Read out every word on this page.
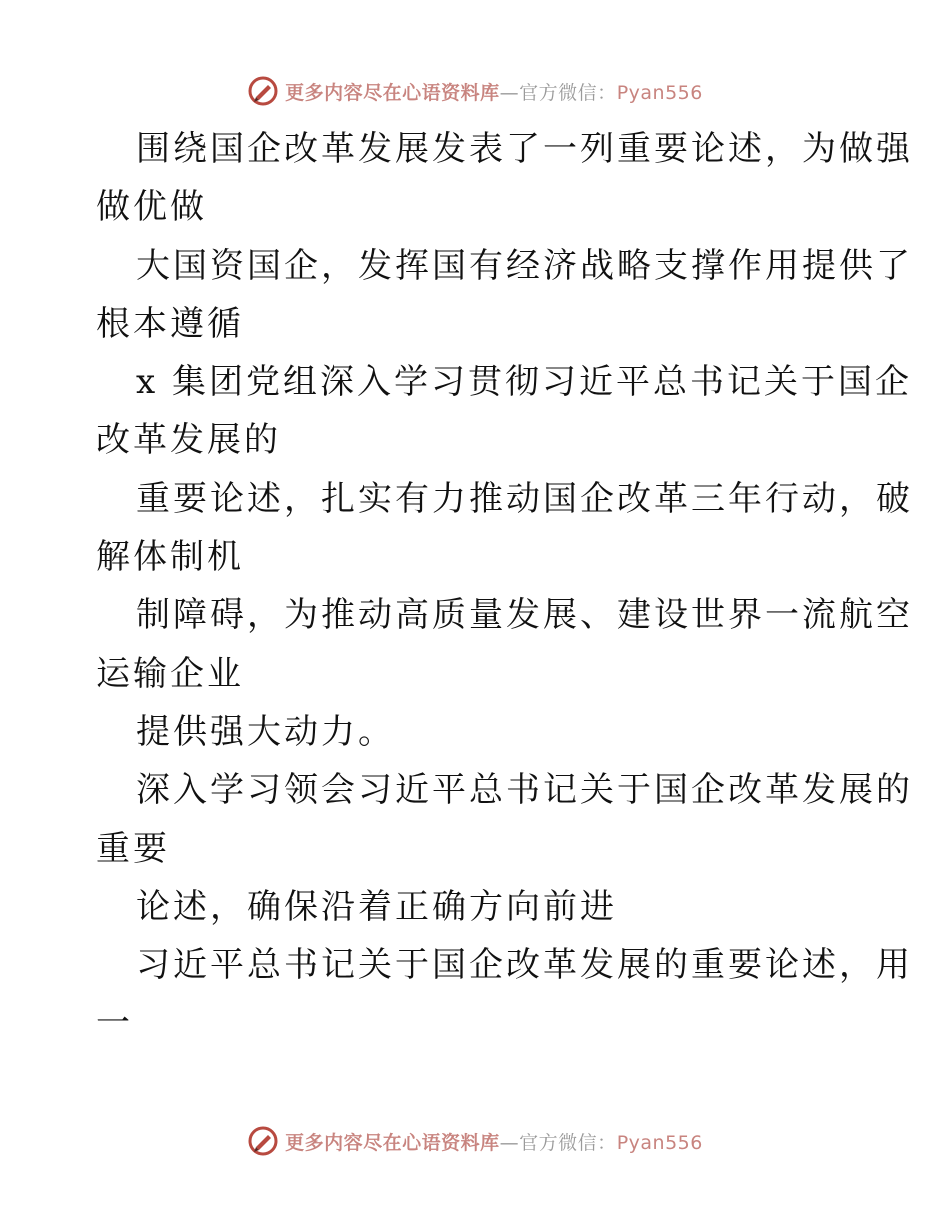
更多内容尽在心语资料库 — 官方微信： Pyan556
围绕国企改革发展发表了一列重要论述，为做强
做优做
大国资国企，发挥国有经济战略支撑作用提供了
根本遵循
x 集团党组深入学习贯彻习近平总书记关于国企
改革发展的
重要论述，扎实有力推动国企改革三年行动，破
解体制机
制障碍，为推动高质量发展、建设世界一流航空
运输企业
提供强大动力。
深入学习领会习近平总书记关于国企改革发展的
重要
论述，确保沿着正确方向前进
习近平总书记关于国企改革发展的重要论述，用
一
更多内容尽在心语资料库 — 官方微信： Pyan556
